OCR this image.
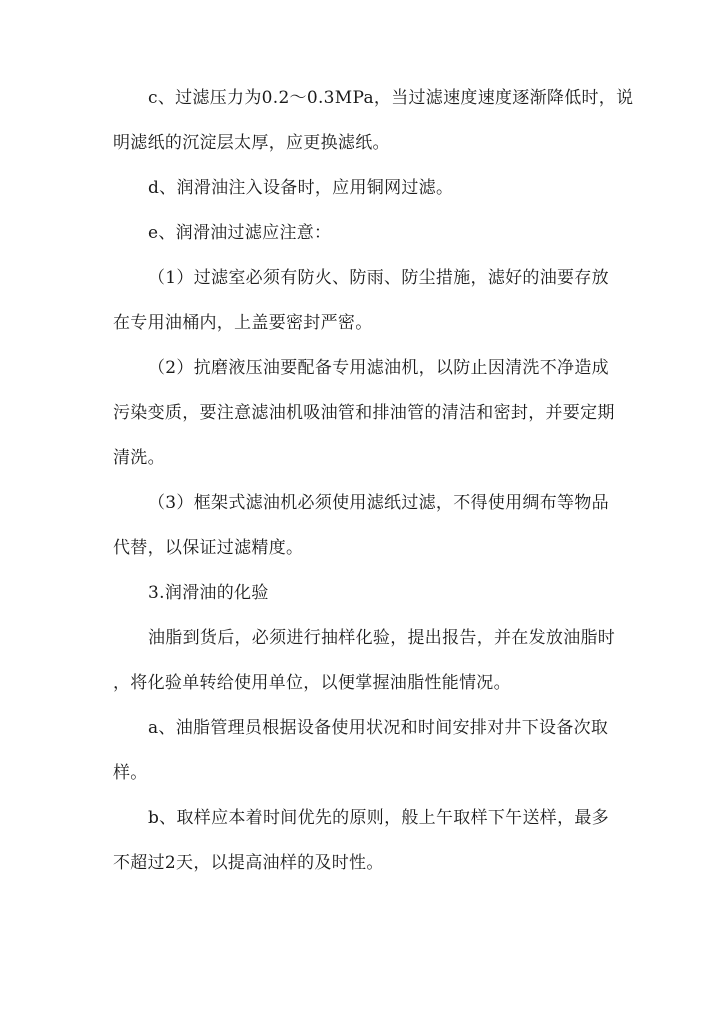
c、过滤压力为0.2～0.3MPa，当过滤速度速度逐渐降低时，说
明滤纸的沉淀层太厚，应更换滤纸。
d、润滑油注入设备时，应用铜网过滤。
e、润滑油过滤应注意：
（1）过滤室必须有防火、防雨、防尘措施，滤好的油要存放
在专用油桶内，上盖要密封严密。
（2）抗磨液压油要配备专用滤油机，以防止因清洗不净造成
污染变质，要注意滤油机吸油管和排油管的清洁和密封，并要定期
清洗。
（3）框架式滤油机必须使用滤纸过滤，不得使用绸布等物品
代替，以保证过滤精度。
3.润滑油的化验
油脂到货后，必须进行抽样化验，提出报告，并在发放油脂时
，将化验单转给使用单位，以便掌握油脂性能情况。
a、油脂管理员根据设备使用状况和时间安排对井下设备次取
样。
b、取样应本着时间优先的原则，般上午取样下午送样，最多
不超过2天，以提高油样的及时性。
